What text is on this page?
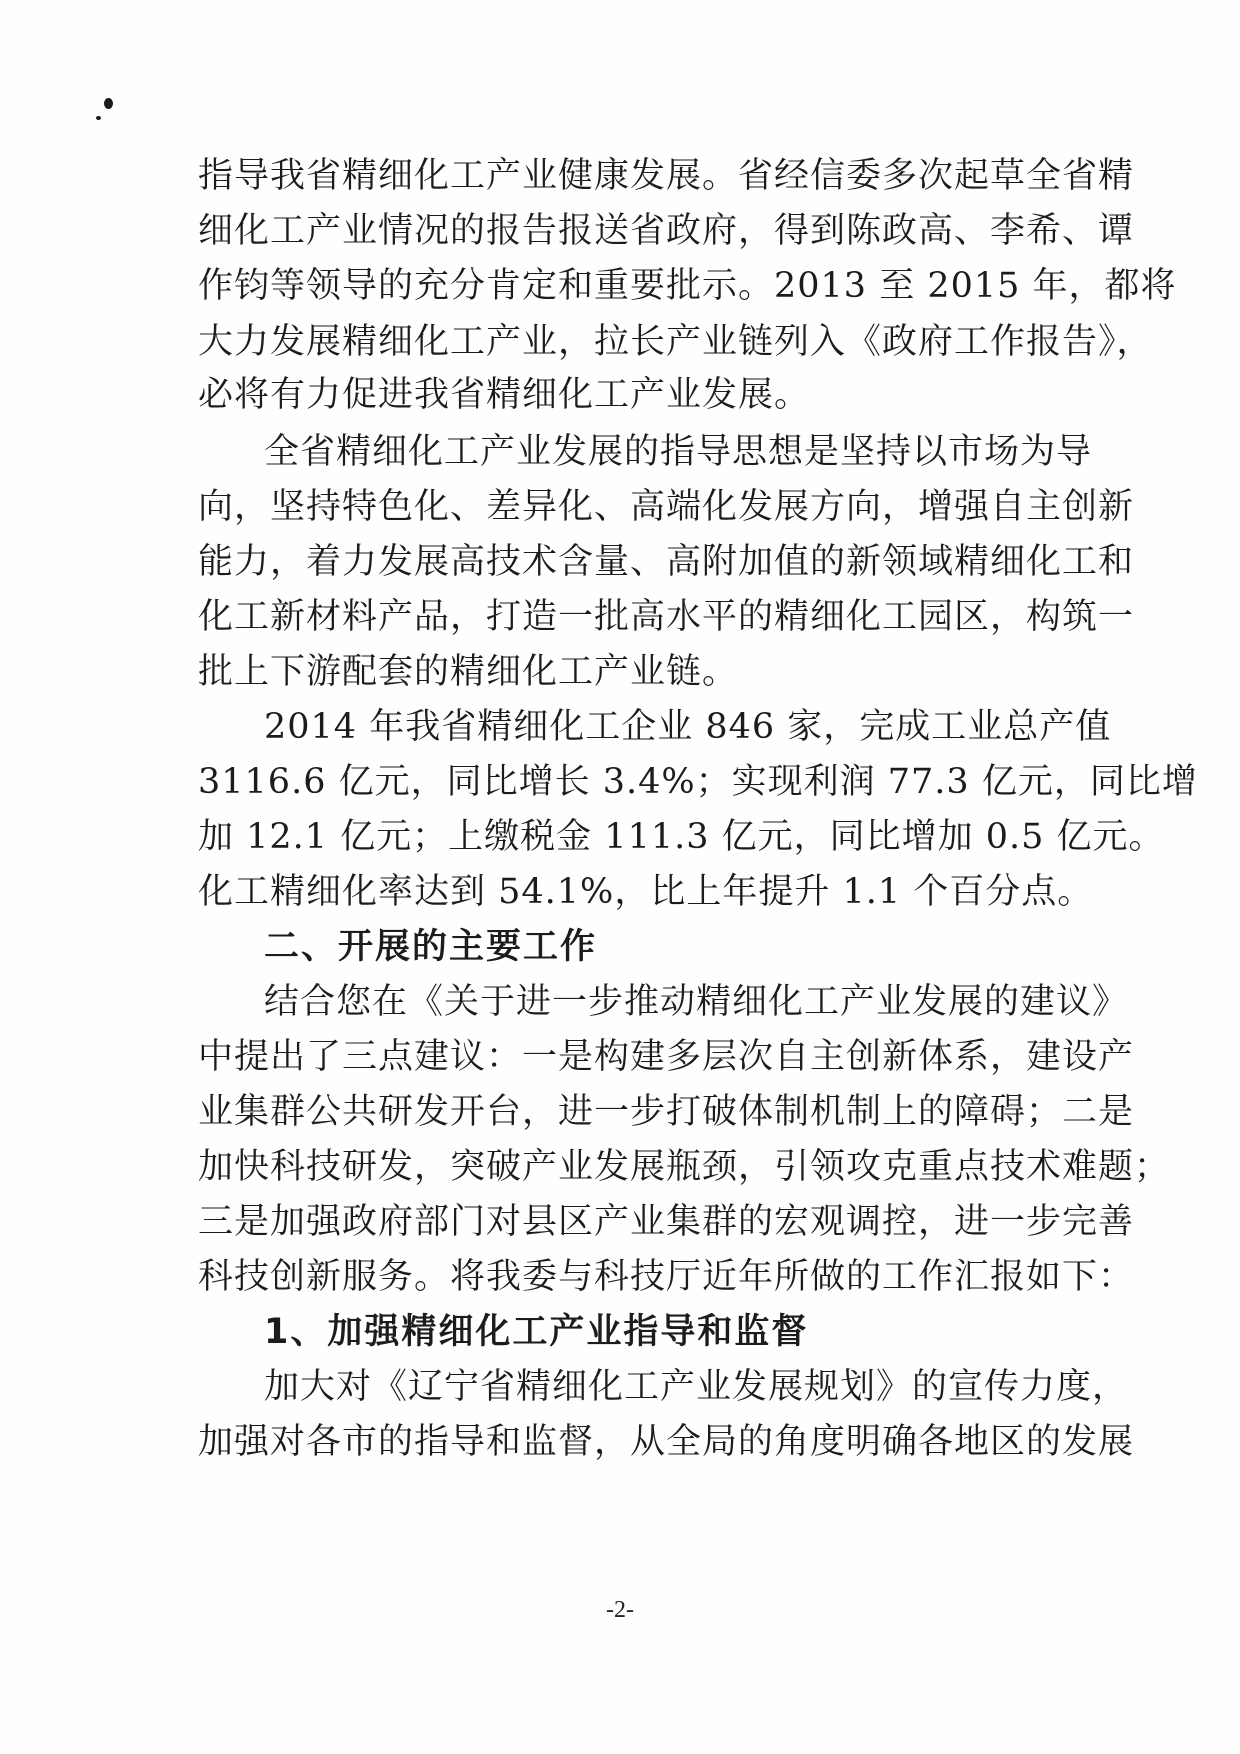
指导我省精细化工产业健康发展。省经信委多次起草全省精
细化工产业情况的报告报送省政府，得到陈政高、李希、谭
作钧等领导的充分肯定和重要批示。2013 至 2015 年，都将
大力发展精细化工产业，拉长产业链列入《政府工作报告》，
必将有力促进我省精细化工产业发展。
全省精细化工产业发展的指导思想是坚持以市场为导
向，坚持特色化、差异化、高端化发展方向，增强自主创新
能力，着力发展高技术含量、高附加值的新领域精细化工和
化工新材料产品，打造一批高水平的精细化工园区，构筑一
批上下游配套的精细化工产业链。
2014 年我省精细化工企业 846 家，完成工业总产值
3116.6 亿元，同比增长 3.4%；实现利润 77.3 亿元，同比增
加 12.1 亿元；上缴税金 111.3 亿元，同比增加 0.5 亿元。
化工精细化率达到 54.1%，比上年提升 1.1 个百分点。
二、开展的主要工作
结合您在《关于进一步推动精细化工产业发展的建议》
中提出了三点建议：一是构建多层次自主创新体系，建设产
业集群公共研发开台，进一步打破体制机制上的障碍；二是
加快科技研发，突破产业发展瓶颈，引领攻克重点技术难题；
三是加强政府部门对县区产业集群的宏观调控，进一步完善
科技创新服务。将我委与科技厅近年所做的工作汇报如下：
1、加强精细化工产业指导和监督
加大对《辽宁省精细化工产业发展规划》的宣传力度，
加强对各市的指导和监督，从全局的角度明确各地区的发展
-2-
